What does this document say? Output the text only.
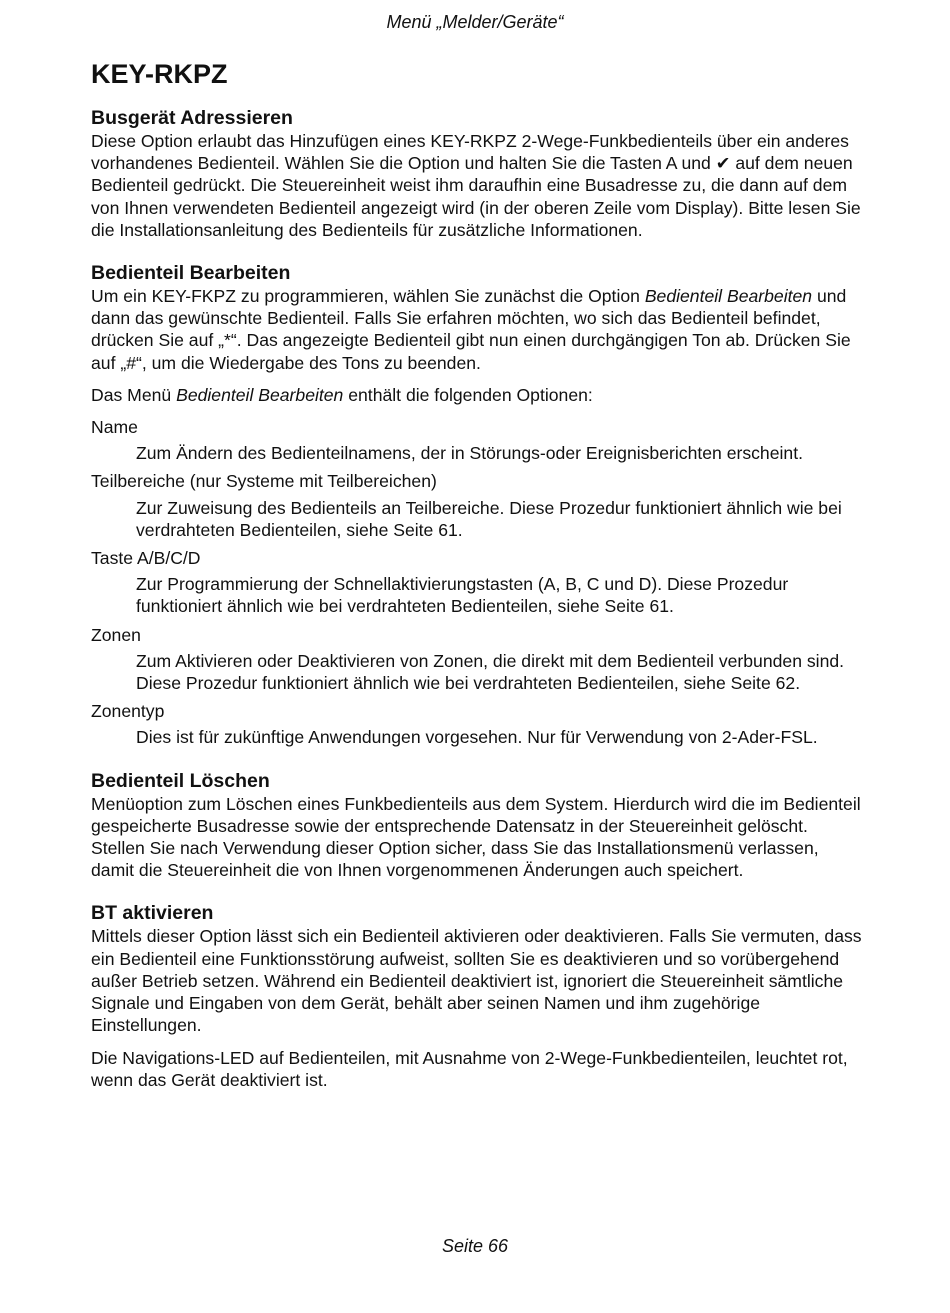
Menü „Melder/Geräte“
KEY-RKPZ
Busgerät Adressieren

Diese Option erlaubt das Hinzufügen eines KEY-RKPZ 2-Wege-Funkbedienteils über ein anderes vorhandenes Bedienteil. Wählen Sie die Option und halten Sie die Tasten A und ✔ auf dem neuen Bedienteil gedrückt. Die Steuereinheit weist ihm daraufhin eine Busadresse zu, die dann auf dem von Ihnen verwendeten Bedienteil angezeigt wird (in der oberen Zeile vom Display). Bitte lesen Sie die Installationsanleitung des Bedienteils für zusätzliche Informationen.

Bedienteil Bearbeiten

Um ein KEY-FKPZ zu programmieren, wählen Sie zunächst die Option Bedienteil Bearbeiten und dann das gewünschte Bedienteil. Falls Sie erfahren möchten, wo sich das Bedienteil befindet, drücken Sie auf „*“. Das angezeigte Bedienteil gibt nun einen durchgängigen Ton ab. Drücken Sie auf „#“, um die Wiedergabe des Tons zu beenden.

Das Menü Bedienteil Bearbeiten enthält die folgenden Optionen:

Name
Zum Ändern des Bedienteilnamens, der in Störungs-oder Ereignisberichten erscheint.
Teilbereiche (nur Systeme mit Teilbereichen)
Zur Zuweisung des Bedienteils an Teilbereiche. Diese Prozedur funktioniert ähnlich wie bei verdrahteten Bedienteilen, siehe Seite 61.
Taste A/B/C/D
Zur Programmierung der Schnellaktivierungstasten (A, B, C und D). Diese Prozedur funktioniert ähnlich wie bei verdrahteten Bedienteilen, siehe Seite 61.
Zonen
Zum Aktivieren oder Deaktivieren von Zonen, die direkt mit dem Bedienteil verbunden sind. Diese Prozedur funktioniert ähnlich wie bei verdrahteten Bedienteilen, siehe Seite 62.
Zonentyp
Dies ist für zukünftige Anwendungen vorgesehen. Nur für Verwendung von 2-Ader-FSL.
Bedienteil Löschen

Menüoption zum Löschen eines Funkbedienteils aus dem System. Hierdurch wird die im Bedienteil gespeicherte Busadresse sowie der entsprechende Datensatz in der Steuereinheit gelöscht. Stellen Sie nach Verwendung dieser Option sicher, dass Sie das Installationsmenü verlassen, damit die Steuereinheit die von Ihnen vorgenommenen Änderungen auch speichert.

BT aktivieren

Mittels dieser Option lässt sich ein Bedienteil aktivieren oder deaktivieren. Falls Sie vermuten, dass ein Bedienteil eine Funktionsstörung aufweist, sollten Sie es deaktivieren und so vorübergehend außer Betrieb setzen. Während ein Bedienteil deaktiviert ist, ignoriert die Steuereinheit sämtliche Signale und Eingaben von dem Gerät, behält aber seinen Namen und ihm zugehörige Einstellungen.

Die Navigations-LED auf Bedienteilen, mit Ausnahme von 2-Wege-Funkbedienteilen, leuchtet rot, wenn das Gerät deaktiviert ist.

Seite 66
